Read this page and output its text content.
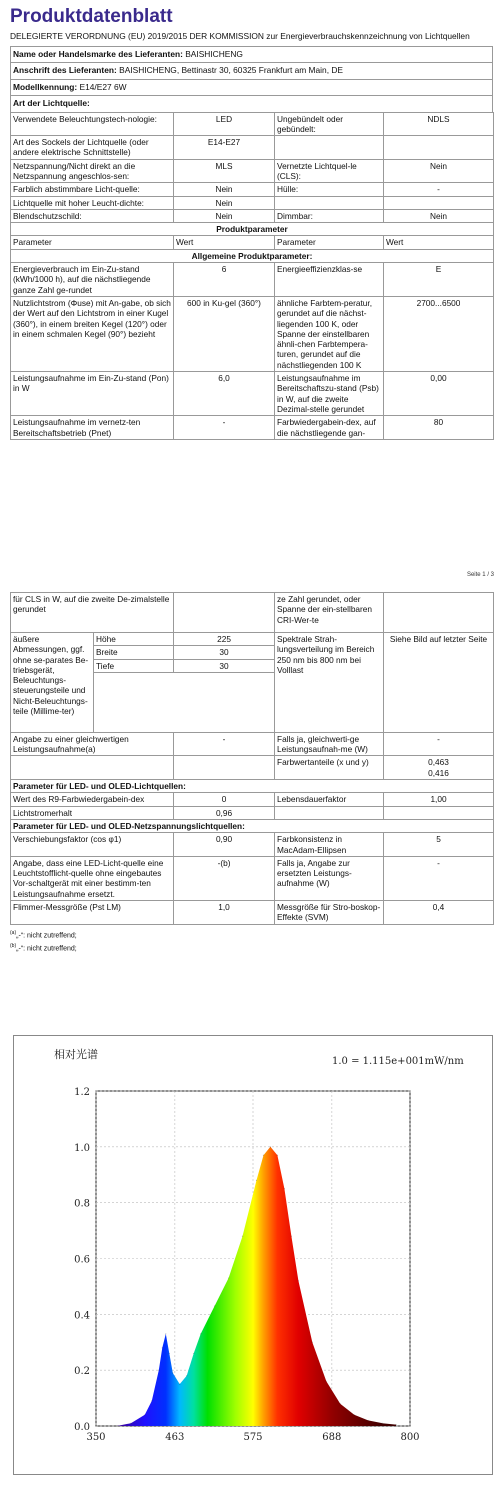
Produktdatenblatt
DELEGIERTE VERORDNUNG (EU) 2019/2015 DER KOMMISSION zur Energieverbrauchskennzeichnung von Lichtquellen
Name oder Handelsmarke des Lieferanten: BAISHICHENG
Anschrift des Lieferanten: BAISHICHENG, Bettinastr 30, 60325 Frankfurt am Main, DE
Modellkennung: E14/E27 6W
Art der Lichtquelle:
Verwendete Beleuchtungstech-nologie:	LED	Ungebündelt oder gebündelt:	NDLS
Art des Sockels der Lichtquelle (oder andere elektrische Schnittstelle)	E14-E27		
Netzspannung/Nicht direkt an die Netzspannung angeschlos-sen:	MLS	Vernetzte Lichtquel-le (CLS):	Nein
Farblich abstimmbare Licht-quelle:	Nein	Hülle:	-
Lichtquelle mit hoher Leucht-dichte:	Nein		
Blendschutzschild:	Nein	Dimmbar:	Nein
Produktparameter			
Parameter	Wert	Parameter	Wert
Allgemeine Produktparameter:			
Energieverbrauch im Ein-Zu-stand (kWh/1000 h), auf die nächstliegende ganze Zahl ge-rundet	6	Energieeffizienzklas-se	E
Nutzlichtstrom (Φuse) mit An-gabe, ob sich der Wert auf den Lichtstrom in einer Kugel (360°), in einem breiten Kegel (120°) oder in einem schmalen Kegel (90°) bezieht	600 in Ku-gel (360°)	ähnliche Farbtem-peratur, gerundet auf die nächst-liegenden 100 K, oder Spanne der einstellbaren ähnli-chen Farbtempera-turen, gerundet auf die nächstliegenden 100 K	2700...6500
Leistungsaufnahme im Ein-Zu-stand (Pon) in W	6,0	Leistungsaufnahme im Bereitschaftszu-stand (Psb) in W, auf die zweite Dezimal-stelle gerundet	0,00
Leistungsaufnahme im vernetz-ten Bereitschaftsbetrieb (Pnet)	-	Farbwiedergabein-dex, auf die nächstliegende gan-	80
Seite 1 / 3
für CLS in W, auf die zweite De-zimalstelle gerundet			ze Zahl gerundet, oder Spanne der ein-stellbaren CRI-Wer-te	
äußere Abmessungen, ggf. ohne se-parates Be-triebsgerät, Beleuchtungs-steuerungsteile und Nicht-Beleuchtungs-teile (Millime-ter)	Höhe	225	Spektrale Strah-lungsverteilung im Bereich 250 nm bis 800 nm bei Volllast	Siehe Bild auf letzter Seite
	Breite	30		
	Tiefe	30		

Angabe zu einer gleichwertigen Leistungsaufnahme(a)		-	Falls ja, gleichwerti-ge Leistungsaufnah-me (W)	-
			Farbwertanteile (x und y)	0,463
0,416
Parameter für LED- und OLED-Lichtquellen:				
Wert des R9-Farbwiedergabein-dex		0	Lebensdauerfaktor	1,00
Lichtstromerhalt		0,96		
Parameter für LED- und OLED-Netzspannungslichtquellen:				
Verschiebungsfaktor (cos φ1)		0,90	Farbkonsistenz in MacAdam-Ellipsen	5
Angabe, dass eine LED-Licht-quelle eine Leuchtstofflicht-quelle ohne eingebautes Vor-schaltgerät mit einer bestimm-ten Leistungsaufnahme ersetzt.		-(b)	Falls ja, Angabe zur ersetzten Leistungs-aufnahme (W)	-
Flimmer-Messgröße (Pst LM)		1,0	Messgröße für Stro-boskop-Effekte (SVM)	0,4
$^{(a)}$„-“: nicht zutreffend;
$^{(b)}$„-“: nicht zutreffend;
0.0
0.2
0.4
0.6
0.8
1.0
1.2
350	463	575	688	800
相对光谱
1.0 = 1.115e+001mW/nm
